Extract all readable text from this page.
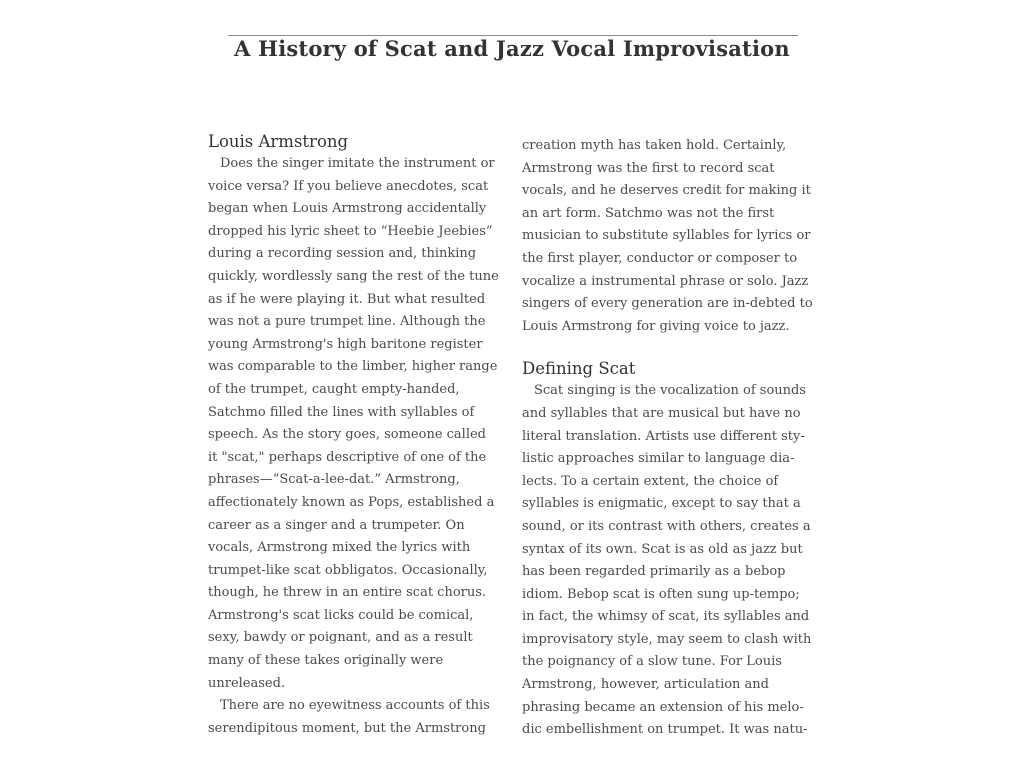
A History of Scat and Jazz Vocal Improvisation
Louis Armstrong
Does the singer imitate the instrument or
voice versa? If you believe anecdotes, scat
began when Louis Armstrong accidentally
dropped his lyric sheet to “Heebie Jeebies”
during a recording session and, thinking
quickly, wordlessly sang the rest of the tune
as if he were playing it. But what resulted
was not a pure trumpet line. Although the
young Armstrong's high baritone register
was comparable to the limber, higher range
of the trumpet, caught empty-handed,
Satchmo filled the lines with syllables of
speech. As the story goes, someone called
it "scat," perhaps descriptive of one of the
phrases—“Scat-a-lee-dat.” Armstrong,
affectionately known as Pops, established a
career as a singer and a trumpeter. On
vocals, Armstrong mixed the lyrics with
trumpet-like scat obbligatos. Occasionally,
though, he threw in an entire scat chorus.
Armstrong's scat licks could be comical,
sexy, bawdy or poignant, and as a result
many of these takes originally were
unreleased.
There are no eyewitness accounts of this
serendipitous moment, but the Armstrong
creation myth has taken hold. Certainly,
Armstrong was the first to record scat
vocals, and he deserves credit for making it
an art form. Satchmo was not the first
musician to substitute syllables for lyrics or
the first player, conductor or composer to
vocalize a instrumental phrase or solo. Jazz
singers of every generation are in-debted to
Louis Armstrong for giving voice to jazz.
Defining Scat
Scat singing is the vocalization of sounds
and syllables that are musical but have no
literal translation. Artists use different sty-
listic approaches similar to language dia-
lects. To a certain extent, the choice of
syllables is enigmatic, except to say that a
sound, or its contrast with others, creates a
syntax of its own. Scat is as old as jazz but
has been regarded primarily as a bebop
idiom. Bebop scat is often sung up-tempo;
in fact, the whimsy of scat, its syllables and
improvisatory style, may seem to clash with
the poignancy of a slow tune. For Louis
Armstrong, however, articulation and
phrasing became an extension of his melo-
dic embellishment on trumpet. It was natu-
